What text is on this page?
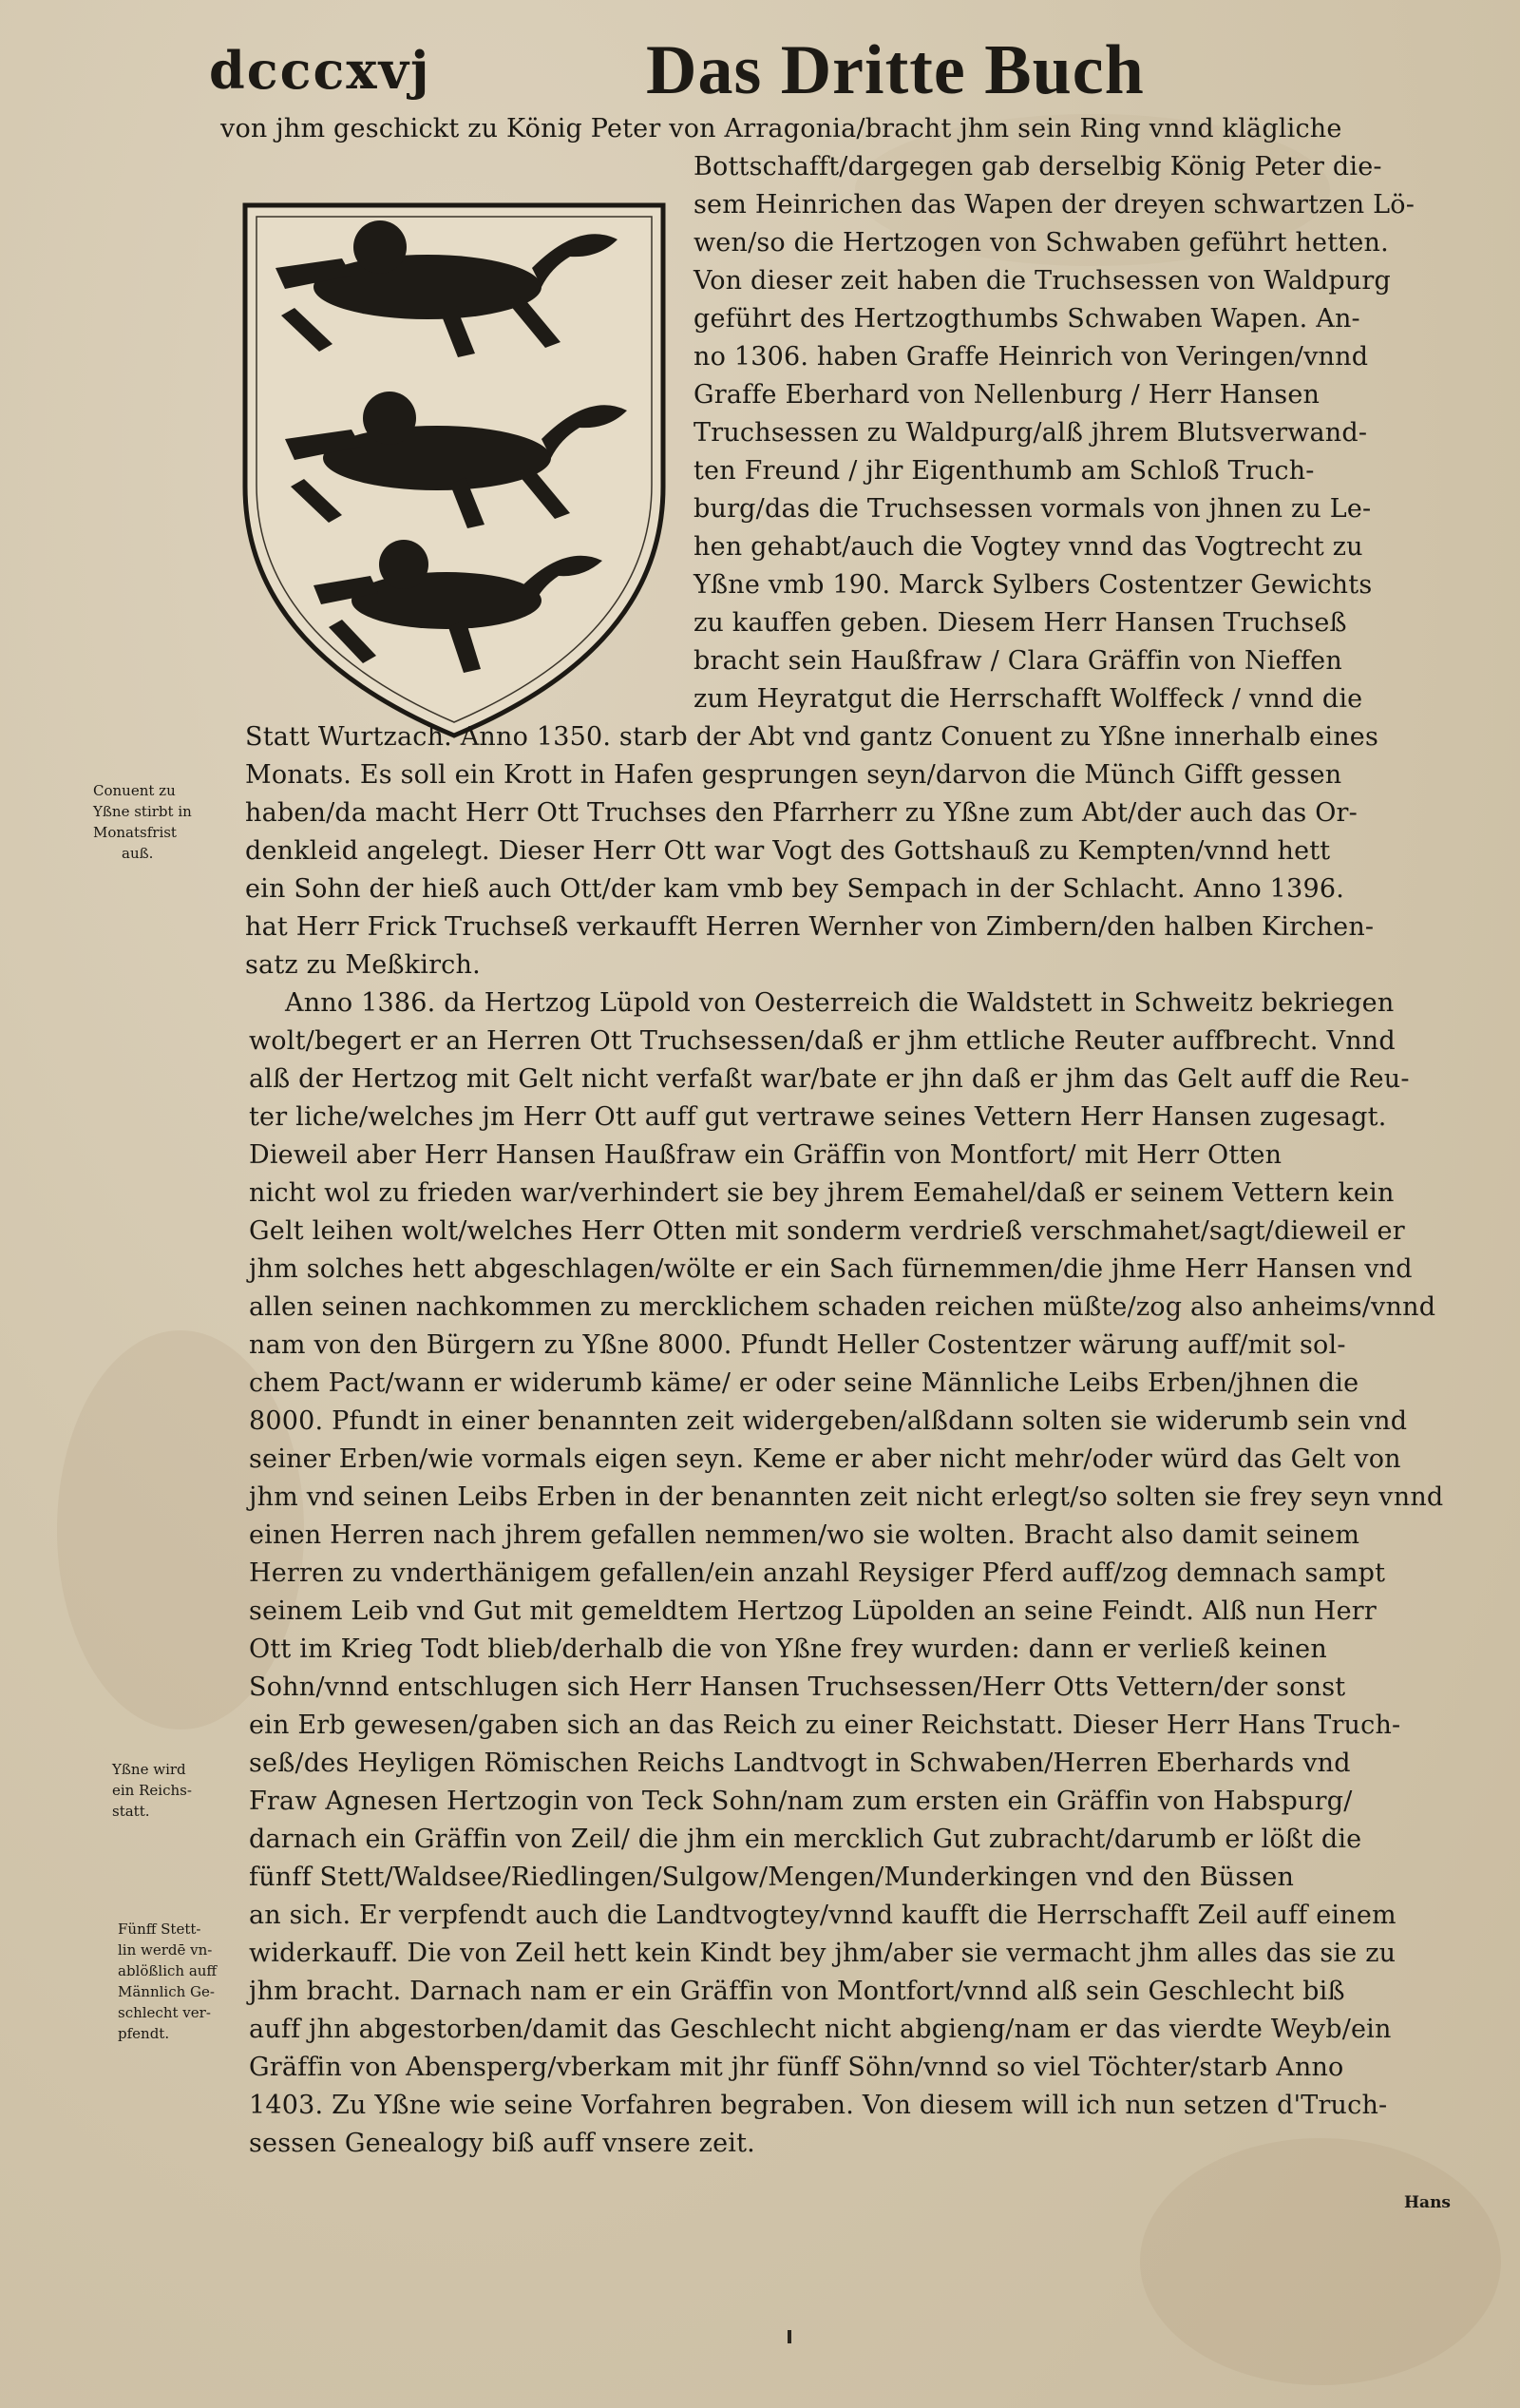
dcccxvj	Das Dritte Buch
von jhm geschickt zu König Peter von Arragonia/bracht jhm sein Ring vnnd klägliche
Bottschafft/dargegen gab derselbig König Peter die-
sem Heinrichen das Wapen der dreyen schwartzen Lö-
wen/so die Hertzogen von Schwaben geführt hetten.
Von dieser zeit haben die Truchsessen von Waldpurg
geführt des Hertzogthumbs Schwaben Wapen. An-
no 1306. haben Graffe Heinrich von Veringen/vnnd
Graffe Eberhard von Nellenburg / Herr Hansen
Truchsessen zu Waldpurg/alß jhrem Blutsverwand-
ten Freund / jhr Eigenthumb am Schloß Truch-
burg/das die Truchsessen vormals von jhnen zu Le-
hen gehabt/auch die Vogtey vnnd das Vogtrecht zu
Yßne vmb 190. Marck Sylbers Costentzer Gewichts
zu kauffen geben. Diesem Herr Hansen Truchseß
bracht sein Haußfraw / Clara Gräffin von Nieffen
zum Heyratgut die Herrschafft Wolffeck / vnnd die
Statt Wurtzach. Anno 1350. starb der Abt vnd gantz Conuent zu Yßne innerhalb eines
Monats. Es soll ein Krott in Hafen gesprungen seyn/darvon die Münch Gifft gessen
haben/da macht Herr Ott Truchses den Pfarrherr zu Yßne zum Abt/der auch das Or-
denkleid angelegt. Dieser Herr Ott war Vogt des Gottshauß zu Kempten/vnnd hett
ein Sohn der hieß auch Ott/der kam vmb bey Sempach in der Schlacht. Anno 1396.
hat Herr Frick Truchseß verkaufft Herren Wernher von Zimbern/den halben Kirchen-
satz zu Meßkirch.
Anno 1386. da Hertzog Lüpold von Oesterreich die Waldstett in Schweitz bekriegen
wolt/begert er an Herren Ott Truchsessen/daß er jhm ettliche Reuter auffbrecht. Vnnd
alß der Hertzog mit Gelt nicht verfaßt war/bate er jhn daß er jhm das Gelt auff die Reu-
ter liche/welches jm Herr Ott auff gut vertrawe seines Vettern Herr Hansen zugesagt.
Dieweil aber Herr Hansen Haußfraw ein Gräffin von Montfort/ mit Herr Otten
nicht wol zu frieden war/verhindert sie bey jhrem Eemahel/daß er seinem Vettern kein
Gelt leihen wolt/welches Herr Otten mit sonderm verdrieß verschmahet/sagt/dieweil er
jhm solches hett abgeschlagen/wölte er ein Sach fürnemmen/die jhme Herr Hansen vnd
allen seinen nachkommen zu mercklichem schaden reichen müßte/zog also anheims/vnnd
nam von den Bürgern zu Yßne 8000. Pfundt Heller Costentzer wärung auff/mit sol-
chem Pact/wann er widerumb käme/ er oder seine Männliche Leibs Erben/jhnen die
8000. Pfundt in einer benannten zeit widergeben/alßdann solten sie widerumb sein vnd
seiner Erben/wie vormals eigen seyn. Keme er aber nicht mehr/oder würd das Gelt von
jhm vnd seinen Leibs Erben in der benannten zeit nicht erlegt/so solten sie frey seyn vnnd
einen Herren nach jhrem gefallen nemmen/wo sie wolten. Bracht also damit seinem
Herren zu vnderthänigem gefallen/ein anzahl Reysiger Pferd auff/zog demnach sampt
seinem Leib vnd Gut mit gemeldtem Hertzog Lüpolden an seine Feindt. Alß nun Herr
Ott im Krieg Todt blieb/derhalb die von Yßne frey wurden: dann er verließ keinen
Sohn/vnnd entschlugen sich Herr Hansen Truchsessen/Herr Otts Vettern/der sonst
ein Erb gewesen/gaben sich an das Reich zu einer Reichstatt. Dieser Herr Hans Truch-
seß/des Heyligen Römischen Reichs Landtvogt in Schwaben/Herren Eberhards vnd
Fraw Agnesen Hertzogin von Teck Sohn/nam zum ersten ein Gräffin von Habspurg/
darnach ein Gräffin von Zeil/ die jhm ein mercklich Gut zubracht/darumb er lößt die
fünff Stett/Waldsee/Riedlingen/Sulgow/Mengen/Munderkingen vnd den Büssen
an sich. Er verpfendt auch die Landtvogtey/vnnd kaufft die Herrschafft Zeil auff einem
widerkauff. Die von Zeil hett kein Kindt bey jhm/aber sie vermacht jhm alles das sie zu
jhm bracht. Darnach nam er ein Gräffin von Montfort/vnnd alß sein Geschlecht biß
auff jhn abgestorben/damit das Geschlecht nicht abgieng/nam er das vierdte Weyb/ein
Gräffin von Abensperg/vberkam mit jhr fünff Söhn/vnnd so viel Töchter/starb Anno
1403. Zu Yßne wie seine Vorfahren begraben. Von diesem will ich nun setzen d'Truch-
sessen Genealogy biß auff vnsere zeit.
Conuent zu
Yßne stirbt in
Monatsfrist
auß.
Yßne wird
ein Reichs-
statt.
Fünff Stett-
lin werdē vn-
ablößlich auff
Männlich Ge-
schlecht ver-
pfendt.
Hans
